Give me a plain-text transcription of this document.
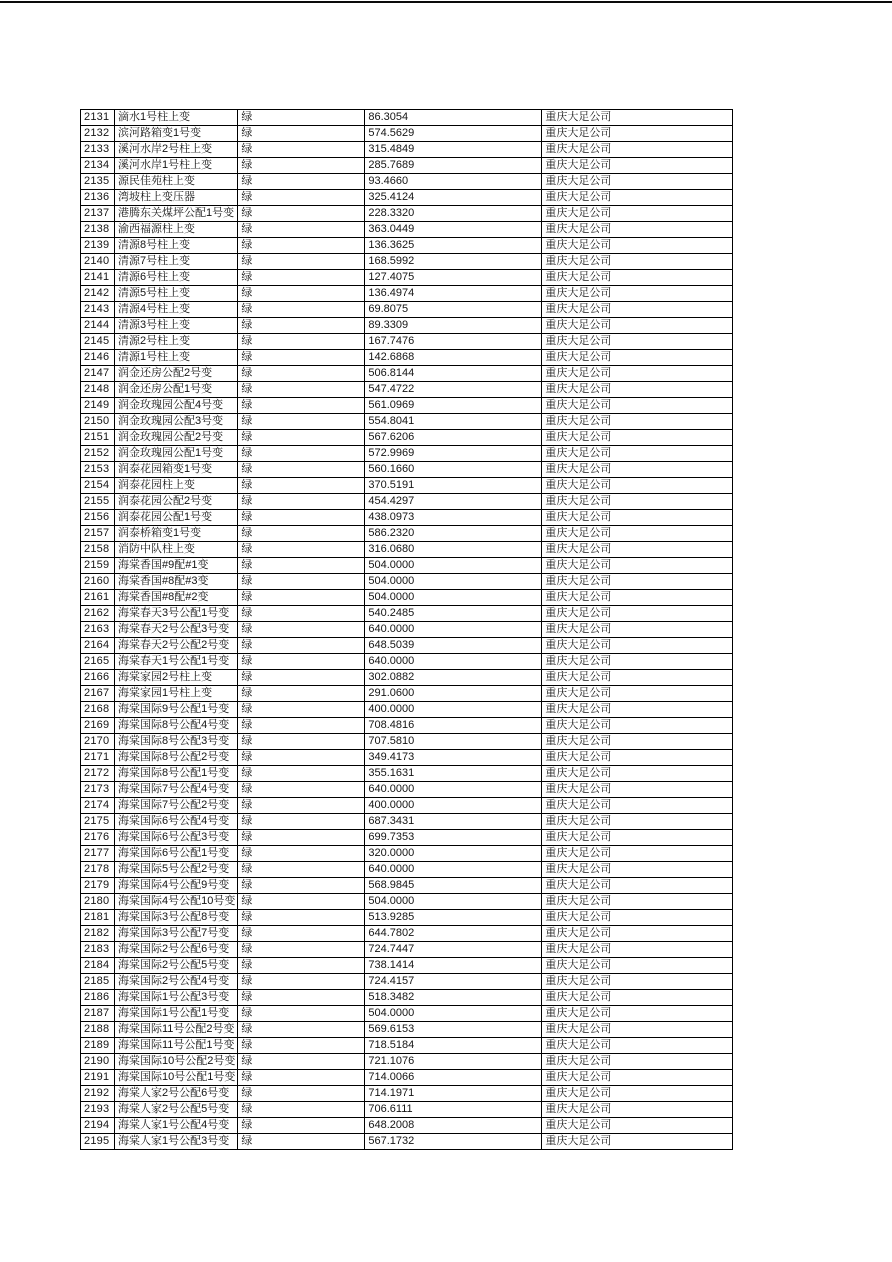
2131	滴水1号柱上变	绿	86.3054	重庆大足公司
2132	滨河路箱变1号变	绿	574.5629	重庆大足公司
2133	溪河水岸2号柱上变	绿	315.4849	重庆大足公司
2134	溪河水岸1号柱上变	绿	285.7689	重庆大足公司
2135	源民佳苑柱上变	绿	93.4660	重庆大足公司
2136	湾坡柱上变压器	绿	325.4124	重庆大足公司
2137	港腾东关煤坪公配1号变	绿	228.3320	重庆大足公司
2138	渝西福源柱上变	绿	363.0449	重庆大足公司
2139	清源8号柱上变	绿	136.3625	重庆大足公司
2140	清源7号柱上变	绿	168.5992	重庆大足公司
2141	清源6号柱上变	绿	127.4075	重庆大足公司
2142	清源5号柱上变	绿	136.4974	重庆大足公司
2143	清源4号柱上变	绿	69.8075	重庆大足公司
2144	清源3号柱上变	绿	89.3309	重庆大足公司
2145	清源2号柱上变	绿	167.7476	重庆大足公司
2146	清源1号柱上变	绿	142.6868	重庆大足公司
2147	润金还房公配2号变	绿	506.8144	重庆大足公司
2148	润金还房公配1号变	绿	547.4722	重庆大足公司
2149	润金玫瑰园公配4号变	绿	561.0969	重庆大足公司
2150	润金玫瑰园公配3号变	绿	554.8041	重庆大足公司
2151	润金玫瑰园公配2号变	绿	567.6206	重庆大足公司
2152	润金玫瑰园公配1号变	绿	572.9969	重庆大足公司
2153	润泰花园箱变1号变	绿	560.1660	重庆大足公司
2154	润泰花园柱上变	绿	370.5191	重庆大足公司
2155	润泰花园公配2号变	绿	454.4297	重庆大足公司
2156	润泰花园公配1号变	绿	438.0973	重庆大足公司
2157	润泰桥箱变1号变	绿	586.2320	重庆大足公司
2158	消防中队柱上变	绿	316.0680	重庆大足公司
2159	海棠香国#9配#1变	绿	504.0000	重庆大足公司
2160	海棠香国#8配#3变	绿	504.0000	重庆大足公司
2161	海棠香国#8配#2变	绿	504.0000	重庆大足公司
2162	海棠春天3号公配1号变	绿	540.2485	重庆大足公司
2163	海棠春天2号公配3号变	绿	640.0000	重庆大足公司
2164	海棠春天2号公配2号变	绿	648.5039	重庆大足公司
2165	海棠春天1号公配1号变	绿	640.0000	重庆大足公司
2166	海棠家园2号柱上变	绿	302.0882	重庆大足公司
2167	海棠家园1号柱上变	绿	291.0600	重庆大足公司
2168	海棠国际9号公配1号变	绿	400.0000	重庆大足公司
2169	海棠国际8号公配4号变	绿	708.4816	重庆大足公司
2170	海棠国际8号公配3号变	绿	707.5810	重庆大足公司
2171	海棠国际8号公配2号变	绿	349.4173	重庆大足公司
2172	海棠国际8号公配1号变	绿	355.1631	重庆大足公司
2173	海棠国际7号公配4号变	绿	640.0000	重庆大足公司
2174	海棠国际7号公配2号变	绿	400.0000	重庆大足公司
2175	海棠国际6号公配4号变	绿	687.3431	重庆大足公司
2176	海棠国际6号公配3号变	绿	699.7353	重庆大足公司
2177	海棠国际6号公配1号变	绿	320.0000	重庆大足公司
2178	海棠国际5号公配2号变	绿	640.0000	重庆大足公司
2179	海棠国际4号公配9号变	绿	568.9845	重庆大足公司
2180	海棠国际4号公配10号变	绿	504.0000	重庆大足公司
2181	海棠国际3号公配8号变	绿	513.9285	重庆大足公司
2182	海棠国际3号公配7号变	绿	644.7802	重庆大足公司
2183	海棠国际2号公配6号变	绿	724.7447	重庆大足公司
2184	海棠国际2号公配5号变	绿	738.1414	重庆大足公司
2185	海棠国际2号公配4号变	绿	724.4157	重庆大足公司
2186	海棠国际1号公配3号变	绿	518.3482	重庆大足公司
2187	海棠国际1号公配1号变	绿	504.0000	重庆大足公司
2188	海棠国际11号公配2号变	绿	569.6153	重庆大足公司
2189	海棠国际11号公配1号变	绿	718.5184	重庆大足公司
2190	海棠国际10号公配2号变	绿	721.1076	重庆大足公司
2191	海棠国际10号公配1号变	绿	714.0066	重庆大足公司
2192	海棠人家2号公配6号变	绿	714.1971	重庆大足公司
2193	海棠人家2号公配5号变	绿	706.6111	重庆大足公司
2194	海棠人家1号公配4号变	绿	648.2008	重庆大足公司
2195	海棠人家1号公配3号变	绿	567.1732	重庆大足公司
